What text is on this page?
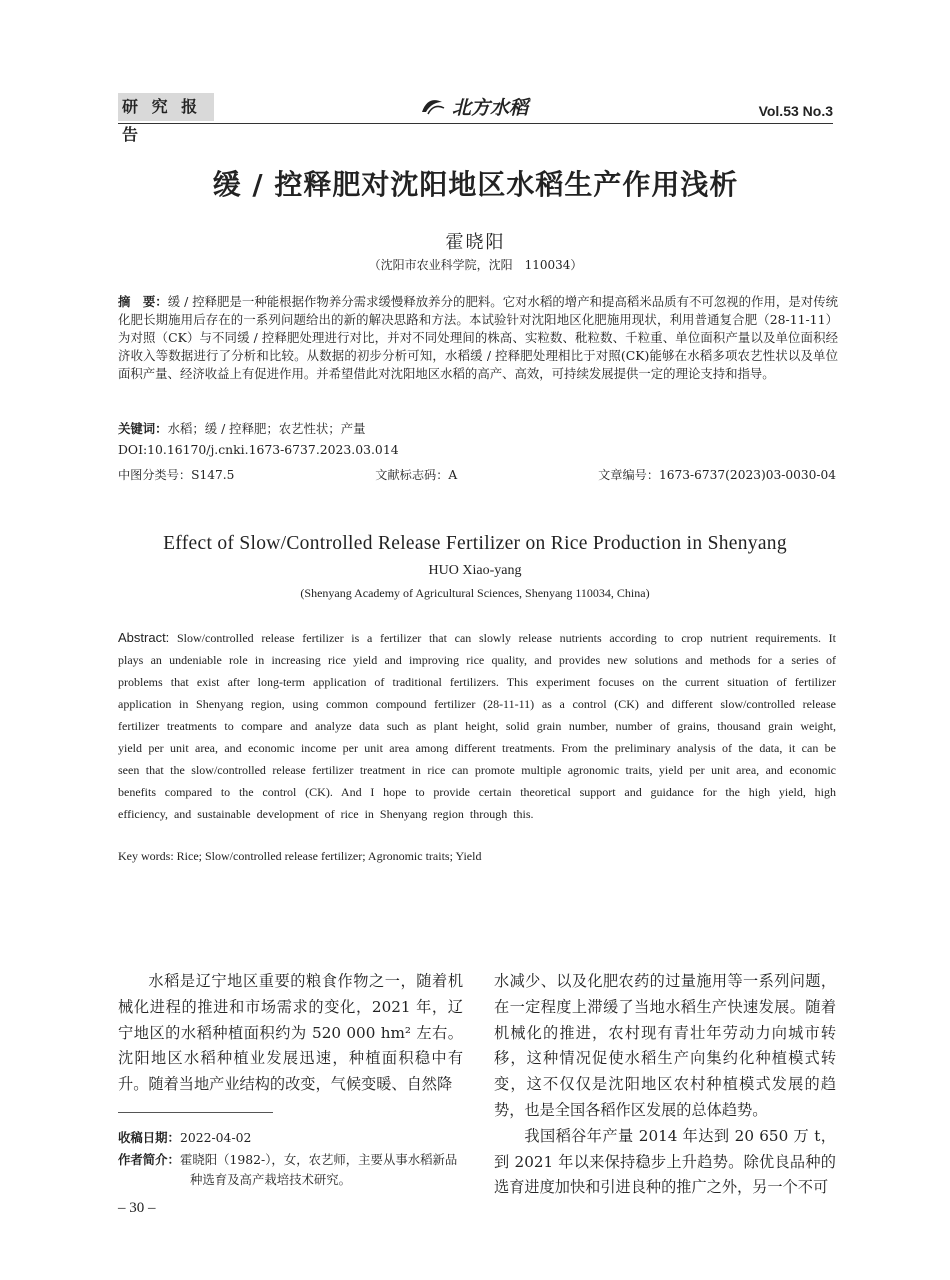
研 究 报 告
北方水稻	Vol.53 No.3
缓 / 控释肥对沈阳地区水稻生产作用浅析
霍晓阳
（沈阳市农业科学院，沈阳　110034）
摘　要：缓 / 控释肥是一种能根据作物养分需求缓慢释放养分的肥料。它对水稻的增产和提高稻米品质有不可忽视的作用，是对传统化肥长期施用后存在的一系列问题给出的新的解决思路和方法。本试验针对沈阳地区化肥施用现状，利用普通复合肥（28-11-11）为对照（CK）与不同缓 / 控释肥处理进行对比，并对不同处理间的株高、实粒数、秕粒数、千粒重、单位面积产量以及单位面积经济收入等数据进行了分析和比较。从数据的初步分析可知，水稻缓 / 控释肥处理相比于对照(CK)能够在水稻多项农艺性状以及单位面积产量、经济收益上有促进作用。并希望借此对沈阳地区水稻的高产、高效，可持续发展提供一定的理论支持和指导。
关键词：水稻；缓 / 控释肥；农艺性状；产量
DOI:10.16170/j.cnki.1673-6737.2023.03.014
中图分类号：S147.5	文献标志码：A	文章编号：1673-6737(2023)03-0030-04
Effect of Slow/Controlled Release Fertilizer on Rice Production in Shenyang
HUO Xiao-yang
(Shenyang Academy of Agricultural Sciences, Shenyang 110034, China)
Abstract: Slow/controlled release fertilizer is a fertilizer that can slowly release nutrients according to crop nutrient requirements. It plays an undeniable role in increasing rice yield and improving rice quality, and provides new solutions and methods for a series of problems that exist after long-term application of traditional fertilizers. This experiment focuses on the current situation of fertilizer application in Shenyang region, using common compound fertilizer (28-11-11) as a control (CK) and different slow/controlled release fertilizer treatments to compare and analyze data such as plant height, solid grain number, number of grains, thousand grain weight, yield per unit area, and economic income per unit area among different treatments. From the preliminary analysis of the data, it can be seen that the slow/controlled release fertilizer treatment in rice can promote multiple agronomic traits, yield per unit area, and economic benefits compared to the control (CK). And I hope to provide certain theoretical support and guidance for the high yield, high efficiency, and sustainable development of rice in Shenyang region through this.
Key words: Rice; Slow/controlled release fertilizer; Agronomic traits; Yield

水稻是辽宁地区重要的粮食作物之一，随着机械化进程的推进和市场需求的变化，2021 年，辽宁地区的水稻种植面积约为 520 000 hm² 左右。沈阳地区水稻种植业发展迅速，种植面积稳中有升。随着当地产业结构的改变，气候变暖、自然降

水减少、以及化肥农药的过量施用等一系列问题，在一定程度上滞缓了当地水稻生产快速发展。随着机械化的推进，农村现有青壮年劳动力向城市转移，这种情况促使水稻生产向集约化种植模式转变，这不仅仅是沈阳地区农村种植模式发展的趋势，也是全国各稻作区发展的总体趋势。

我国稻谷年产量 2014 年达到 20 650 万 t，到 2021 年以来保持稳步上升趋势。除优良品种的选育进度加快和引进良种的推广之外，另一个不可

收稿日期：2022-04-02
作者简介：霍晓阳（1982-），女，农艺师，主要从事水稻新品种选育及高产栽培技术研究。
– 30 –
